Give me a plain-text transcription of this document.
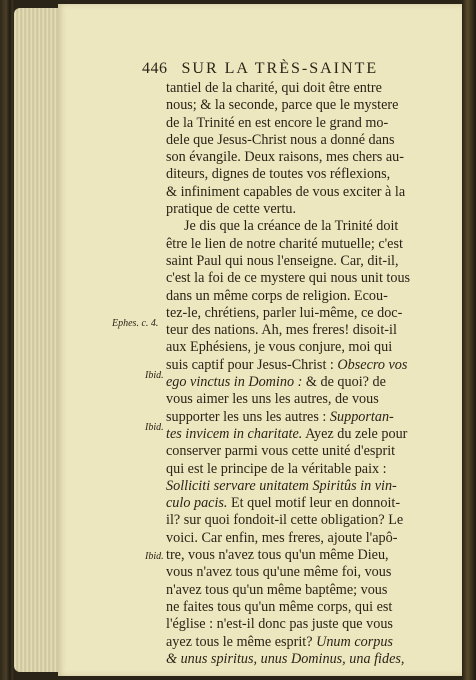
446 SUR LA TRÈS-SAINTE
Ephes. c. 4.
Ibid.
Ibid.
Ibid.
tantiel de la charité, qui doit être entre
nous; & la seconde, parce que le mystere
de la Trinité en est encore le grand mo-
dele que Jesus-Christ nous a donné dans
son évangile. Deux raisons, mes chers au-
diteurs, dignes de toutes vos réflexions,
& infiniment capables de vous exciter à la
pratique de cette vertu.
Je dis que la créance de la Trinité doit
être le lien de notre charité mutuelle; c'est
saint Paul qui nous l'enseigne. Car, dit-il,
c'est la foi de ce mystere qui nous unit tous
dans un même corps de religion. Ecou-
tez-le, chrétiens, parler lui-même, ce doc-
teur des nations. Ah, mes freres! disoit-il
aux Ephésiens, je vous conjure, moi qui
suis captif pour Jesus-Christ : Obsecro vos
ego vinctus in Domino : & de quoi? de
vous aimer les uns les autres, de vous
supporter les uns les autres : Supportan-
tes invicem in charitate. Ayez du zele pour
conserver parmi vous cette unité d'esprit
qui est le principe de la véritable paix :
Solliciti servare unitatem Spiritûs in vin-
culo pacis. Et quel motif leur en donnoit-
il? sur quoi fondoit-il cette obligation? Le
voici. Car enfin, mes freres, ajoute l'apô-
tre, vous n'avez tous qu'un même Dieu,
vous n'avez tous qu'une même foi, vous
n'avez tous qu'un même baptême; vous
ne faites tous qu'un même corps, qui est
l'église : n'est-il donc pas juste que vous
ayez tous le même esprit? Unum corpus
& unus spiritus, unus Dominus, una fides,
